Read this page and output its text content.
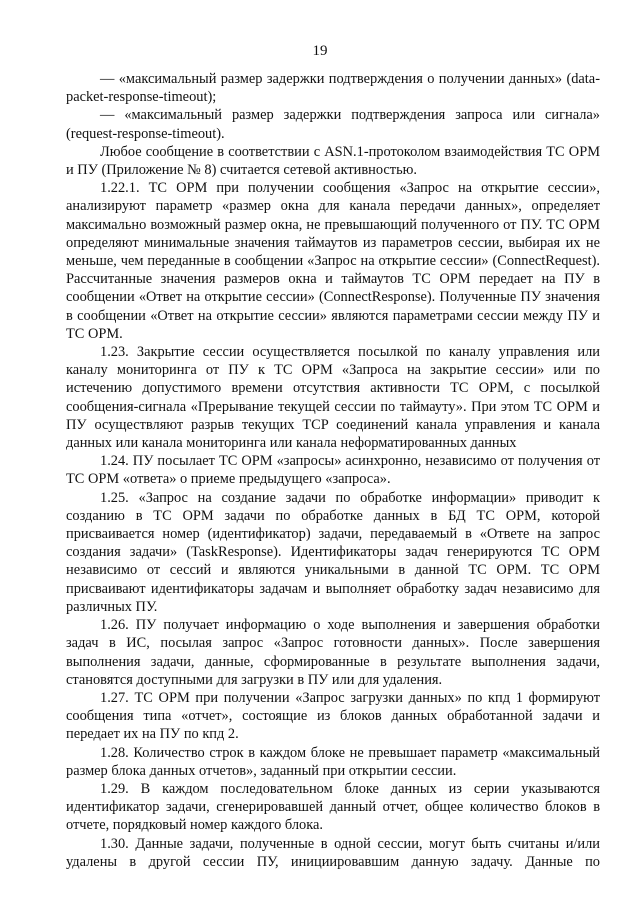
19

— «максимальный размер задержки подтверждения о получении данных» (data-packet-response-timeout);

— «максимальный размер задержки подтверждения запроса или сигнала» (request-response-timeout).

Любое сообщение в соответствии с ASN.1-протоколом взаимодействия ТС ОРМ и ПУ (Приложение № 8) считается сетевой активностью.

1.22.1. ТС ОРМ при получении сообщения «Запрос на открытие сессии», анализируют параметр «размер окна для канала передачи данных», определяет максимально возможный размер окна, не превышающий полученного от ПУ. ТС ОРМ определяют минимальные значения таймаутов из параметров сессии, выбирая их не меньше, чем переданные в сообщении «Запрос на открытие сессии» (ConnectRequest). Рассчитанные значения размеров окна и таймаутов ТС ОРМ передает на ПУ в сообщении «Ответ на открытие сессии» (ConnectResponse). Полученные ПУ значения в сообщении «Ответ на открытие сессии» являются параметрами сессии между ПУ и ТС ОРМ.

1.23. Закрытие сессии осуществляется посылкой по каналу управления или каналу мониторинга от ПУ к ТС ОРМ «Запроса на закрытие сессии» или по истечению допустимого времени отсутствия активности ТС ОРМ, с посылкой сообщения-сигнала «Прерывание текущей сессии по таймауту». При этом ТС ОРМ и ПУ осуществляют разрыв текущих TCP соединений канала управления и канала данных или канала мониторинга или канала неформатированных данных

1.24. ПУ посылает ТС ОРМ «запросы» асинхронно, независимо от получения от ТС ОРМ «ответа» о приеме предыдущего «запроса».

1.25. «Запрос на создание задачи по обработке информации» приводит к созданию в ТС ОРМ задачи по обработке данных в БД ТС ОРМ, которой присваивается номер (идентификатор) задачи, передаваемый в «Ответе на запрос создания задачи» (TaskResponse). Идентификаторы задач генерируются ТС ОРМ независимо от сессий и являются уникальными в данной ТС ОРМ. ТС ОРМ присваивают идентификаторы задачам и выполняет обработку задач независимо для различных ПУ.

1.26. ПУ получает информацию о ходе выполнения и завершения обработки задач в ИС, посылая запрос «Запрос готовности данных». После завершения выполнения задачи, данные, сформированные в результате выполнения задачи, становятся доступными для загрузки в ПУ или для удаления.

1.27. ТС ОРМ при получении «Запрос загрузки данных» по кпд 1 формируют сообщения типа «отчет», состоящие из блоков данных обработанной задачи и передает их на ПУ по кпд 2.

1.28. Количество строк в каждом блоке не превышает параметр «максимальный размер блока данных отчетов», заданный при открытии сессии.

1.29. В каждом последовательном блоке данных из серии указываются идентификатор задачи, сгенерировавшей данный отчет, общее количество блоков в отчете, порядковый номер каждого блока.

1.30. Данные задачи, полученные в одной сессии, могут быть считаны и/или удалены в другой сессии ПУ, инициировавшим данную задачу. Данные по
